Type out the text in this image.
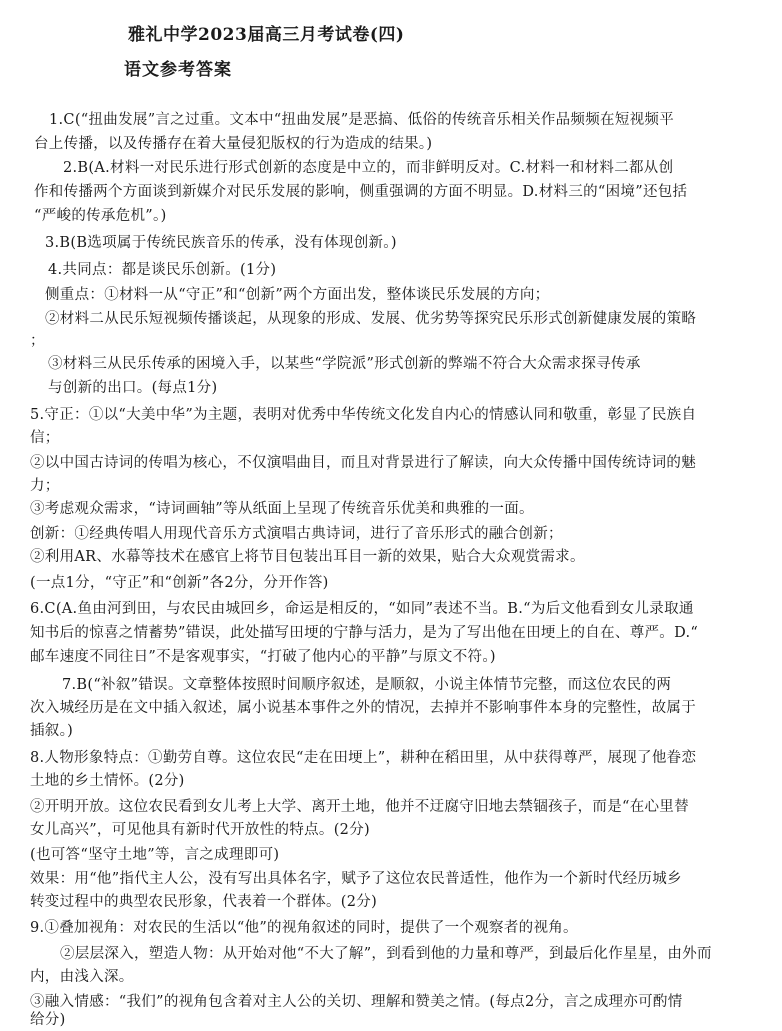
雅礼中学2023届高三月考试卷(四)
语文参考答案
1.C(“扭曲发展”言之过重。文本中“扭曲发展”是恶搞、低俗的传统音乐相关作品频频在短视频平
台上传播，以及传播存在着大量侵犯版权的行为造成的结果。)
2.B(A.材料一对民乐进行形式创新的态度是中立的，而非鲜明反对。C.材料一和材料二都从创
作和传播两个方面谈到新媒介对民乐发展的影响，侧重强调的方面不明显。D.材料三的“困境”还包括
“严峻的传承危机”。)
3.B(B选项属于传统民族音乐的传承，没有体现创新。)
4.共同点：都是谈民乐创新。(1分)
侧重点：①材料一从“守正”和“创新”两个方面出发，整体谈民乐发展的方向；
②材料二从民乐短视频传播谈起，从现象的形成、发展、优劣势等探究民乐形式创新健康发展的策略
；
③材料三从民乐传承的困境入手，以某些“学院派”形式创新的弊端不符合大众需求探寻传承
与创新的出口。(每点1分)
5.守正：①以“大美中华”为主题，表明对优秀中华传统文化发自内心的情感认同和敬重，彰显了民族自
信；
②以中国古诗词的传唱为核心，不仅演唱曲目，而且对背景进行了解读，向大众传播中国传统诗词的魅
力；
③考虑观众需求，“诗词画轴”等从纸面上呈现了传统音乐优美和典雅的一面。
创新：①经典传唱人用现代音乐方式演唱古典诗词，进行了音乐形式的融合创新；
②利用AR、水幕等技术在感官上将节目包装出耳目一新的效果，贴合大众观赏需求。
(一点1分，“守正”和“创新”各2分，分开作答)
6.C(A.鱼由河到田，与农民由城回乡，命运是相反的，“如同”表述不当。B.“为后文他看到女儿录取通
知书后的惊喜之情蓄势”错误，此处描写田埂的宁静与活力，是为了写出他在田埂上的自在、尊严。D.“
邮车速度不同往日”不是客观事实，“打破了他内心的平静”与原文不符。)
7.B(“补叙”错误。文章整体按照时间顺序叙述，是顺叙，小说主体情节完整，而这位农民的两
次入城经历是在文中插入叙述，属小说基本事件之外的情况，去掉并不影响事件本身的完整性，故属于
插叙。)
8.人物形象特点：①勤劳自尊。这位农民“走在田埂上”，耕种在稻田里，从中获得尊严，展现了他眷恋
土地的乡土情怀。(2分)
②开明开放。这位农民看到女儿考上大学、离开土地，他并不迂腐守旧地去禁锢孩子，而是“在心里替
女儿高兴”，可见他具有新时代开放性的特点。(2分)
(也可答“坚守土地”等，言之成理即可)
效果：用“他”指代主人公，没有写出具体名字，赋予了这位农民普适性，他作为一个新时代经历城乡
转变过程中的典型农民形象，代表着一个群体。(2分)
9.①叠加视角：对农民的生活以“他”的视角叙述的同时，提供了一个观察者的视角。
②层层深入，塑造人物：从开始对他“不大了解”，到看到他的力量和尊严，到最后化作星星，由外而
内，由浅入深。
③融入情感：“我们”的视角包含着对主人公的关切、理解和赞美之情。(每点2分，言之成理亦可酌情
给分)
